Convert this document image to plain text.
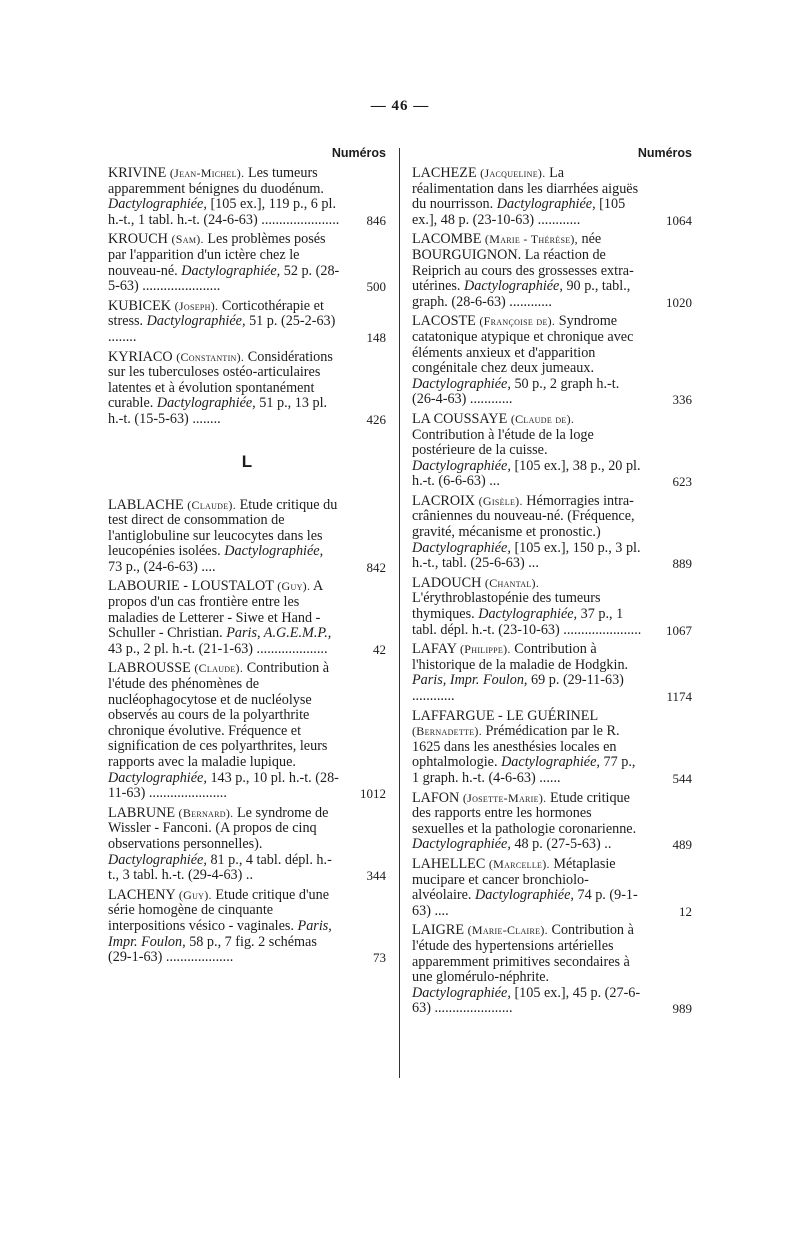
— 46 —
Numéros
KRIVINE (Jean-Michel). Les tumeurs apparemment bénignes du duodénum. Dactylographiée, [105 ex.], 119 p., 6 pl. h.-t., 1 tabl. h.-t. (24-6-63) ...................... 846
KROUCH (Sam). Les problèmes posés par l'apparition d'un ictère chez le nouveau-né. Dactylographiée, 52 p. (28-5-63) ......................	500
KUBICEK (Joseph). Corticothérapie et stress. Dactylographiée, 51 p. (25-2-63) ........	148
KYRIACO (Constantin). Considérations sur les tuberculoses ostéo-articulaires latentes et à évolution spontanément curable. Dactylographiée, 51 p., 13 pl. h.-t. (15-5-63) ........	426
L
LABLACHE (Claude). Etude critique du test direct de consommation de l'antiglobuline sur leucocytes dans les leucopénies isolées. Dactylographiée, 73 p., (24-6-63) ....	842
LABOURIE - LOUSTALOT (Guy). A propos d'un cas frontière entre les maladies de Letterer - Siwe et Hand - Schuller - Christian. Paris, A.G.E.M.P., 43 p., 2 pl. h.-t. (21-1-63) ....................	42
LABROUSSE (Claude). Contribution à l'étude des phénomènes de nucléophagocytose et de nucléolyse observés au cours de la polyarthrite chronique évolutive. Fréquence et signification de ces polyarthrites, leurs rapports avec la maladie lupique. Dactylographiée, 143 p., 10 pl. h.-t. (28-11-63) ......................	1012
LABRUNE (Bernard). Le syndrome de Wissler - Fanconi. (A propos de cinq observations personnelles). Dactylographiée, 81 p., 4 tabl. dépl. h.-t., 3 tabl. h.-t. (29-4-63) ..	344
LACHENY (Guy). Etude critique d'une série homogène de cinquante interpositions vésico - vaginales. Paris, Impr. Foulon, 58 p., 7 fig. 2 schémas (29-1-63) ...................	73
Numéros
LACHEZE (Jacqueline). La réalimentation dans les diarrhées aiguës du nourrisson. Dactylographiée, [105 ex.], 48 p. (23-10-63) ............	1064
LACOMBE (Marie - Thérèse), née BOURGUIGNON. La réaction de Reiprich au cours des grossesses extra-utérines. Dactylographiée, 90 p., tabl., graph. (28-6-63) ............	1020
LACOSTE (Françoise de). Syndrome catatonique atypique et chronique avec éléments anxieux et d'apparition congénitale chez deux jumeaux. Dactylographiée, 50 p., 2 graph h.-t. (26-4-63) ............	336
LA COUSSAYE (Claude de). Contribution à l'étude de la loge postérieure de la cuisse. Dactylographiée, [105 ex.], 38 p., 20 pl. h.-t. (6-6-63) ...	623
LACROIX (Gisèle). Hémorragies intra-crâniennes du nouveau-né. (Fréquence, gravité, mécanisme et pronostic.) Dactylographiée, [105 ex.], 150 p., 3 pl. h.-t., tabl. (25-6-63) ...	889
LADOUCH (Chantal). L'érythroblastopénie des tumeurs thymiques. Dactylographiée, 37 p., 1 tabl. dépl. h.-t. (23-10-63) ...................... 1067
LAFAY (Philippe). Contribution à l'historique de la maladie de Hodgkin. Paris, Impr. Foulon, 69 p. (29-11-63) ............	1174
LAFFARGUE - LE GUÉRINEL (Bernadette). Prémédication par le R. 1625 dans les anesthésies locales en ophtalmologie. Dactylographiée, 77 p., 1 graph. h.-t. (4-6-63) ......	544
LAFON (Josette-Marie). Etude critique des rapports entre les hormones sexuelles et la pathologie coronarienne. Dactylographiée, 48 p. (27-5-63) ..	489
LAHELLEC (Marcelle). Métaplasie mucipare et cancer bronchiolo-alvéolaire. Dactylographiée, 74 p. (9-1-63) ....	12
LAIGRE (Marie-Claire). Contribution à l'étude des hypertensions artérielles apparemment primitives secondaires à une glomérulo-néphrite. Dactylographiée, [105 ex.], 45 p. (27-6-63) ......................	989
